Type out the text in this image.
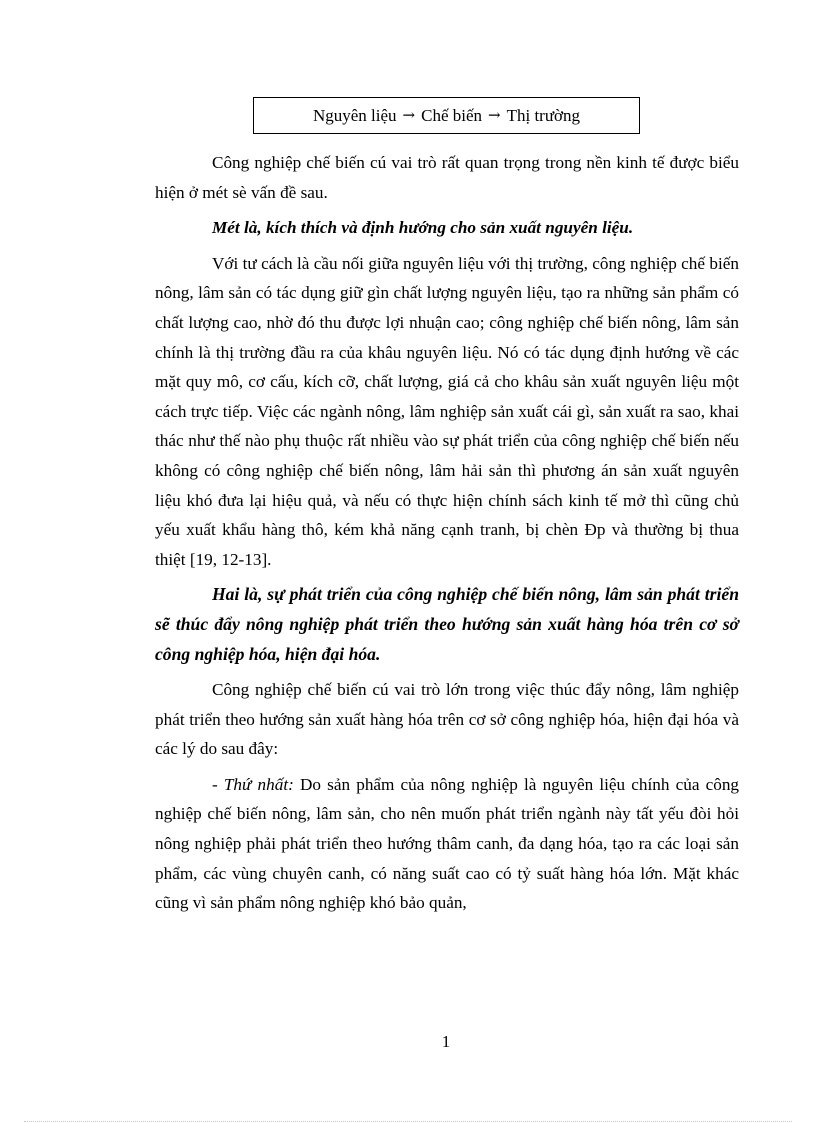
Nguyên liệu → Chế biến → Thị trường

Công nghiệp chế biến cú vai trò rất quan trọng trong nền kinh tế được biểu hiện ở mét sè vấn đề sau.

Mét là, kích thích và định hướng cho sản xuất nguyên liệu.

Với tư cách là cầu nối giữa nguyên liệu với thị trường, công nghiệp chế biến nông, lâm sản có tác dụng giữ gìn chất lượng nguyên liệu, tạo ra những sản phẩm có chất lượng cao, nhờ đó thu được lợi nhuận cao; công nghiệp chế biến nông, lâm sản chính là thị trường đầu ra của khâu nguyên liệu. Nó có tác dụng định hướng về các mặt quy mô, cơ cấu, kích cỡ, chất lượng, giá cả cho khâu sản xuất nguyên liệu một cách trực tiếp. Việc các ngành nông, lâm nghiệp sản xuất cái gì, sản xuất ra sao, khai thác như thế nào phụ thuộc rất nhiều vào sự phát triển của công nghiệp chế biến nếu không có công nghiệp chế biến nông, lâm hải sản thì phương án sản xuất nguyên liệu khó đưa lại hiệu quả, và nếu có thực hiện chính sách kinh tế mở thì cũng chủ yếu xuất khẩu hàng thô, kém khả năng cạnh tranh, bị chèn Ðp và thường bị thua thiệt [19, 12-13].

Hai là, sự phát triển của công nghiệp chế biến nông, lâm sản phát triển sẽ thúc đẩy nông nghiệp phát triển theo hướng sản xuất hàng hóa trên cơ sở công nghiệp hóa, hiện đại hóa.

Công nghiệp chế biến cú vai trò lớn trong việc thúc đẩy nông, lâm nghiệp phát triển theo hướng sản xuất hàng hóa trên cơ sở công nghiệp hóa, hiện đại hóa và các lý do sau đây:

- Thứ nhất: Do sản phẩm của nông nghiệp là nguyên liệu chính của công nghiệp chế biến nông, lâm sản, cho nên muốn phát triển ngành này tất yếu đòi hỏi nông nghiệp phải phát triển theo hướng thâm canh, đa dạng hóa, tạo ra các loại sản phẩm, các vùng chuyên canh, có năng suất cao có tỷ suất hàng hóa lớn. Mặt khác cũng vì sản phẩm nông nghiệp khó bảo quản,

1
